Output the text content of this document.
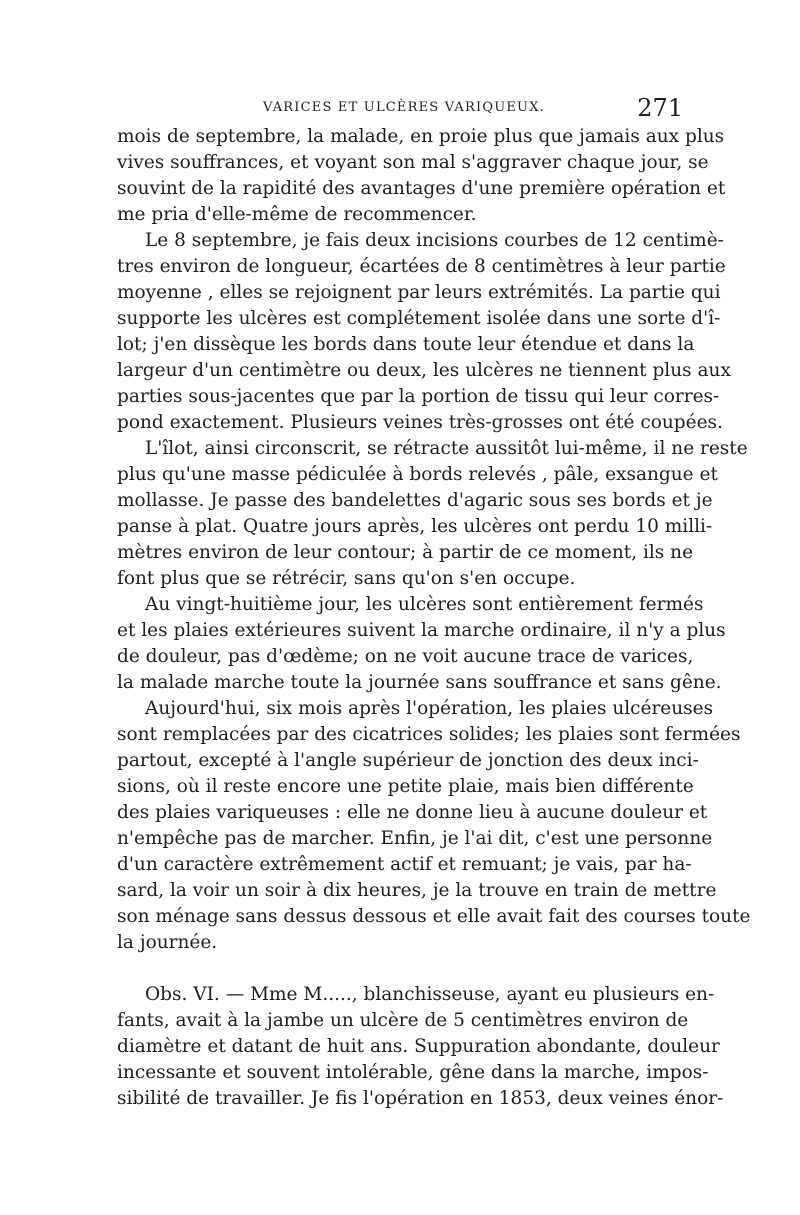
VARICES ET ULCÈRES VARIQUEUX.	271
mois de septembre, la malade, en proie plus que jamais aux plus
vives souffrances, et voyant son mal s'aggraver chaque jour, se
souvint de la rapidité des avantages d'une première opération et
me pria d'elle-même de recommencer.
Le 8 septembre, je fais deux incisions courbes de 12 centimè-
tres environ de longueur, écartées de 8 centimètres à leur partie
moyenne , elles se rejoignent par leurs extrémités. La partie qui
supporte les ulcères est complétement isolée dans une sorte d'î-
lot; j'en dissèque les bords dans toute leur étendue et dans la
largeur d'un centimètre ou deux, les ulcères ne tiennent plus aux
parties sous-jacentes que par la portion de tissu qui leur corres-
pond exactement. Plusieurs veines très-grosses ont été coupées.
L'îlot, ainsi circonscrit, se rétracte aussitôt lui-même, il ne reste
plus qu'une masse pédiculée à bords relevés , pâle, exsangue et
mollasse. Je passe des bandelettes d'agaric sous ses bords et je
panse à plat. Quatre jours après, les ulcères ont perdu 10 milli-
mètres environ de leur contour; à partir de ce moment, ils ne
font plus que se rétrécir, sans qu'on s'en occupe.
Au vingt-huitième jour, les ulcères sont entièrement fermés
et les plaies extérieures suivent la marche ordinaire, il n'y a plus
de douleur, pas d'œdème; on ne voit aucune trace de varices,
la malade marche toute la journée sans souffrance et sans gêne.
Aujourd'hui, six mois après l'opération, les plaies ulcéreuses
sont remplacées par des cicatrices solides; les plaies sont fermées
partout, excepté à l'angle supérieur de jonction des deux inci-
sions, où il reste encore une petite plaie, mais bien différente
des plaies variqueuses : elle ne donne lieu à aucune douleur et
n'empêche pas de marcher. Enfin, je l'ai dit, c'est une personne
d'un caractère extrêmement actif et remuant; je vais, par ha-
sard, la voir un soir à dix heures, je la trouve en train de mettre
son ménage sans dessus dessous et elle avait fait des courses toute
la journée.
Obs. VI. — Mme M....., blanchisseuse, ayant eu plusieurs en-
fants, avait à la jambe un ulcère de 5 centimètres environ de
diamètre et datant de huit ans. Suppuration abondante, douleur
incessante et souvent intolérable, gêne dans la marche, impos-
sibilité de travailler. Je fis l'opération en 1853, deux veines énor-
